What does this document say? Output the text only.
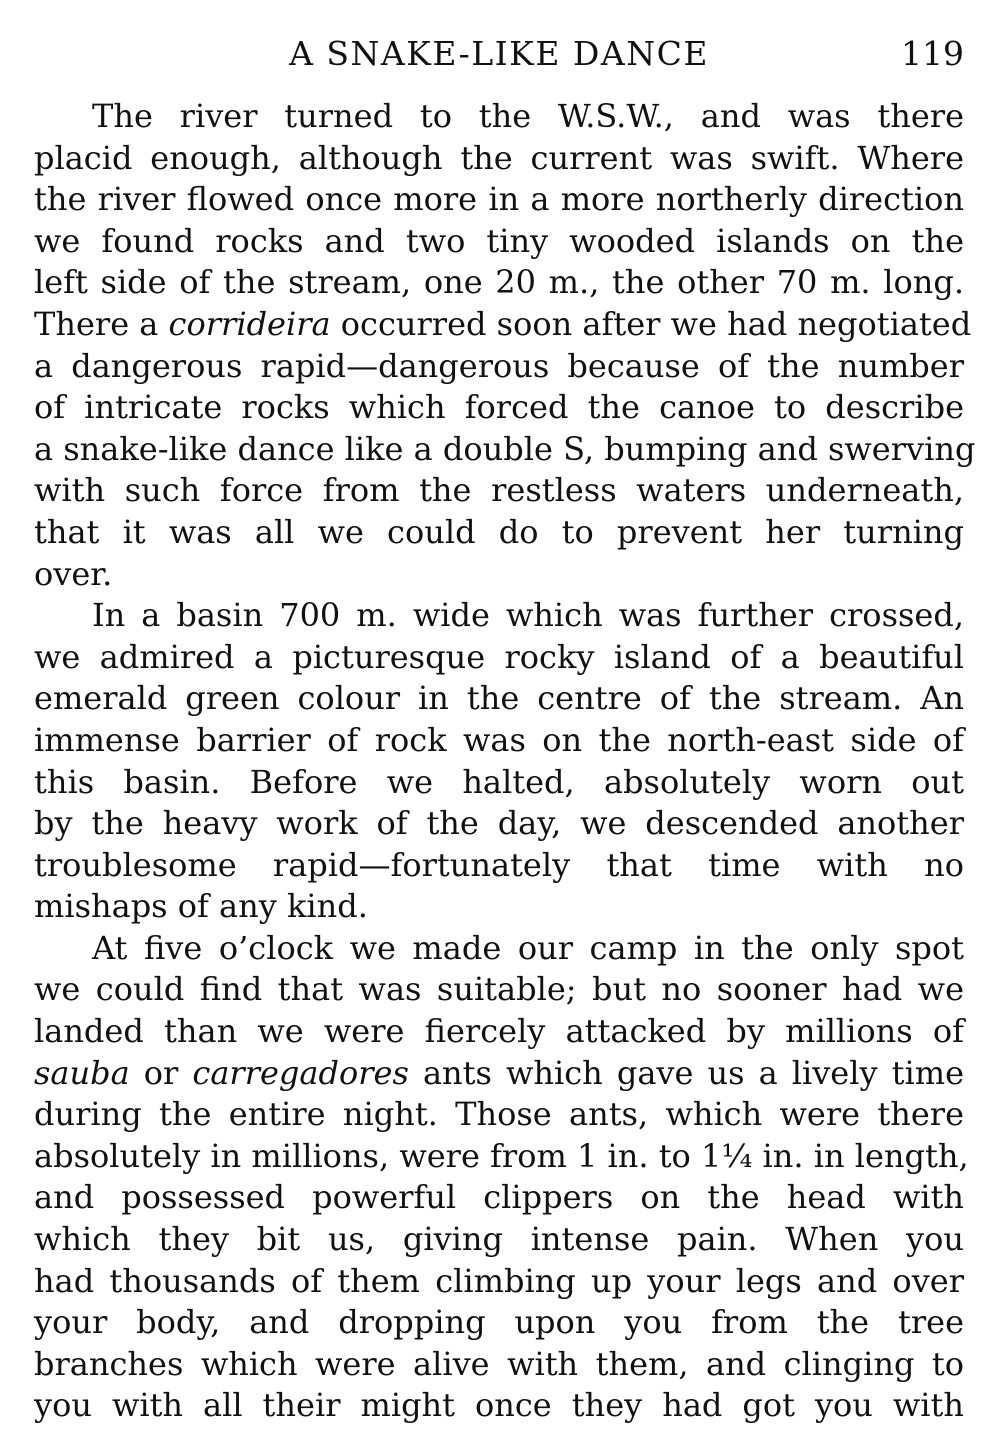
A SNAKE-LIKE DANCE	119
The river turned to the W.S.W., and was there
placid enough, although the current was swift. Where
the river flowed once more in a more northerly direction
we found rocks and two tiny wooded islands on the
left side of the stream, one 20 m., the other 70 m. long.
There a corrideira occurred soon after we had negotiated
a dangerous rapid—dangerous because of the number
of intricate rocks which forced the canoe to describe
a snake-like dance like a double S, bumping and swerving
with such force from the restless waters underneath,
that it was all we could do to prevent her turning
over.
In a basin 700 m. wide which was further crossed,
we admired a picturesque rocky island of a beautiful
emerald green colour in the centre of the stream. An
immense barrier of rock was on the north-east side of
this basin. Before we halted, absolutely worn out
by the heavy work of the day, we descended another
troublesome rapid—fortunately that time with no
mishaps of any kind.
At five o’clock we made our camp in the only spot
we could find that was suitable; but no sooner had we
landed than we were fiercely attacked by millions of
sauba or carregadores ants which gave us a lively time
during the entire night. Those ants, which were there
absolutely in millions, were from 1 in. to 1¼ in. in length,
and possessed powerful clippers on the head with
which they bit us, giving intense pain. When you
had thousands of them climbing up your legs and over
your body, and dropping upon you from the tree
branches which were alive with them, and clinging to
you with all their might once they had got you with
